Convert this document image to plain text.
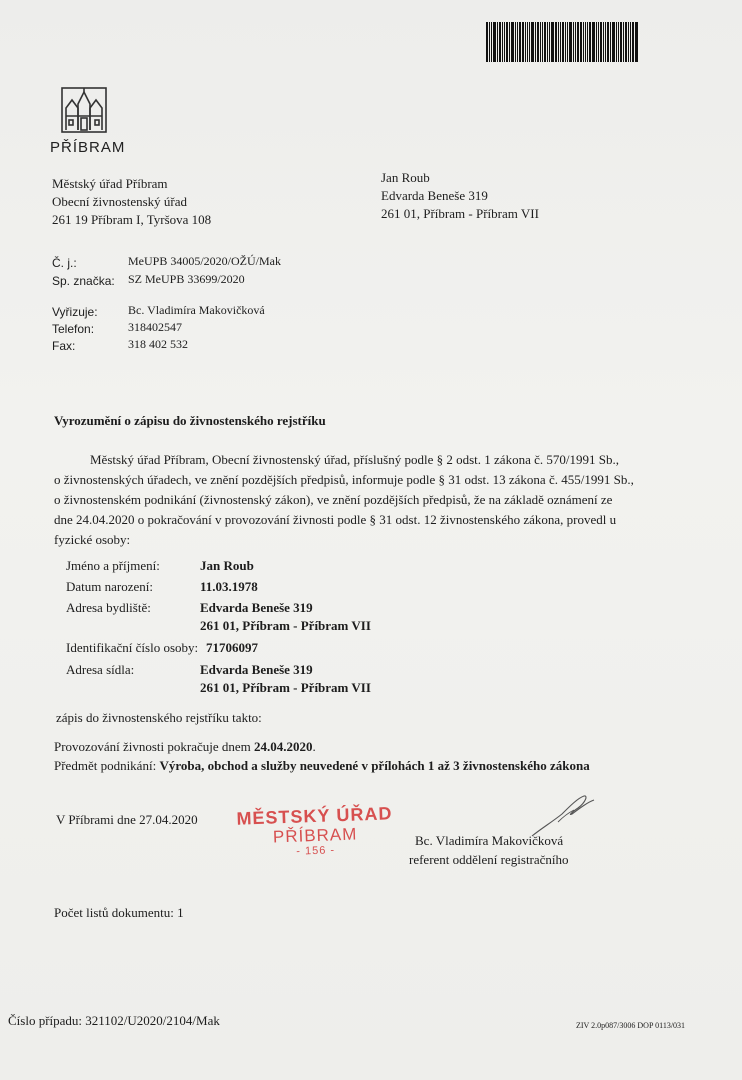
PŘÍBRAM
Městský úřad Příbram
Obecní živnostenský úřad
261 19 Příbram I, Tyršova 108
Jan Roub
Edvarda Beneše 319
261 01, Příbram - Příbram VII
Č. j.:	MeUPB 34005/2020/OŽÚ/Mak
Sp. značka: SZ MeUPB 33699/2020
Vyřizuje:	Bc. Vladimíra Makovičková
Telefon:	318402547
Fax:	318 402 532
Vyrozumění o zápisu do živnostenského rejstříku
Městský úřad Příbram, Obecní živnostenský úřad, příslušný podle § 2 odst. 1 zákona č. 570/1991 Sb.,
o živnostenských úřadech, ve znění pozdějších předpisů, informuje podle § 31 odst. 13 zákona č. 455/1991 Sb.,
o živnostenském podnikání (živnostenský zákon), ve znění pozdějších předpisů, že na základě oznámení ze
dne 24.04.2020 o pokračování v provozování živnosti podle § 31 odst. 12 živnostenského zákona, provedl u
fyzické osoby:
Jméno a příjmení:	Jan Roub
Datum narození:	11.03.1978
Adresa bydliště:	Edvarda Beneše 319
261 01, Příbram - Příbram VII
Identifikační číslo osoby: 71706097
Adresa sídla:	Edvarda Beneše 319
261 01, Příbram - Příbram VII
zápis do živnostenského rejstříku takto:
Provozování živnosti pokračuje dnem 24.04.2020.
Předmět podnikání: Výroba, obchod a služby neuvedené v přílohách 1 až 3 živnostenského zákona
V Příbrami dne 27.04.2020 MĚSTSKÝ ÚŘAD
PŘÍBRAM
- 156 -
Bc. Vladimíra Makovičková
referent oddělení registračního
Počet listů dokumentu: 1
Číslo případu: 321102/U2020/2104/Mak	ZIV 2.0p087/3006 DOP 0113/031
